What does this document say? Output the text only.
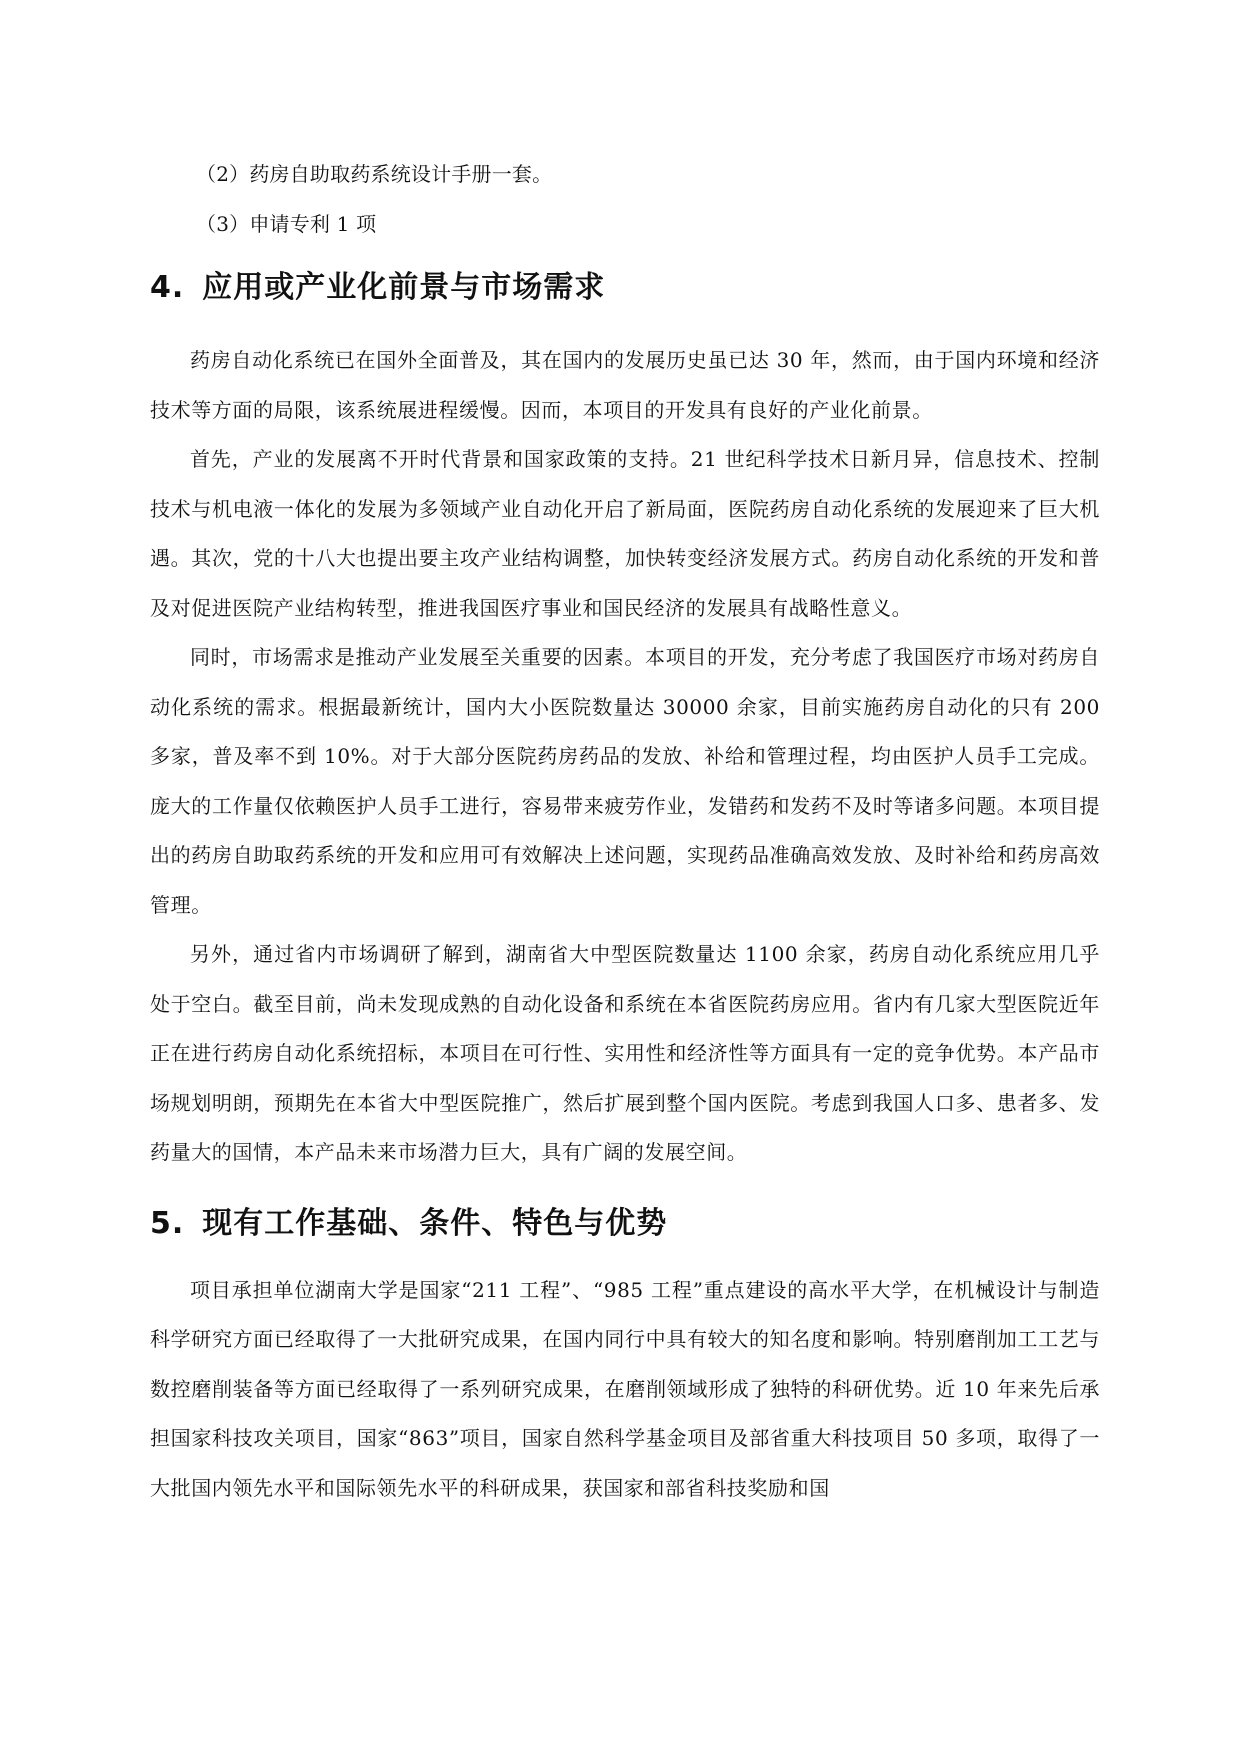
（2）药房自助取药系统设计手册一套。

（3）申请专利 1 项

4. 应用或产业化前景与市场需求

药房自动化系统已在国外全面普及，其在国内的发展历史虽已达 30 年，然而，由于国内环境和经济技术等方面的局限，该系统展进程缓慢。因而，本项目的开发具有良好的产业化前景。

首先，产业的发展离不开时代背景和国家政策的支持。21 世纪科学技术日新月异，信息技术、控制技术与机电液一体化的发展为多领域产业自动化开启了新局面，医院药房自动化系统的发展迎来了巨大机遇。其次，党的十八大也提出要主攻产业结构调整，加快转变经济发展方式。药房自动化系统的开发和普及对促进医院产业结构转型，推进我国医疗事业和国民经济的发展具有战略性意义。

同时，市场需求是推动产业发展至关重要的因素。本项目的开发，充分考虑了我国医疗市场对药房自动化系统的需求。根据最新统计，国内大小医院数量达 30000 余家，目前实施药房自动化的只有 200 多家，普及率不到 10%。对于大部分医院药房药品的发放、补给和管理过程，均由医护人员手工完成。庞大的工作量仅依赖医护人员手工进行，容易带来疲劳作业，发错药和发药不及时等诸多问题。本项目提出的药房自助取药系统的开发和应用可有效解决上述问题，实现药品准确高效发放、及时补给和药房高效管理。

另外，通过省内市场调研了解到，湖南省大中型医院数量达 1100 余家，药房自动化系统应用几乎处于空白。截至目前，尚未发现成熟的自动化设备和系统在本省医院药房应用。省内有几家大型医院近年正在进行药房自动化系统招标，本项目在可行性、实用性和经济性等方面具有一定的竞争优势。本产品市场规划明朗，预期先在本省大中型医院推广，然后扩展到整个国内医院。考虑到我国人口多、患者多、发药量大的国情，本产品未来市场潜力巨大，具有广阔的发展空间。

5. 现有工作基础、条件、特色与优势

项目承担单位湖南大学是国家“211 工程”、“985 工程”重点建设的高水平大学，在机械设计与制造科学研究方面已经取得了一大批研究成果，在国内同行中具有较大的知名度和影响。特别磨削加工工艺与数控磨削装备等方面已经取得了一系列研究成果，在磨削领域形成了独特的科研优势。近 10 年来先后承担国家科技攻关项目，国家“863”项目，国家自然科学基金项目及部省重大科技项目 50 多项，取得了一大批国内领先水平和国际领先水平的科研成果，获国家和部省科技奖励和国
